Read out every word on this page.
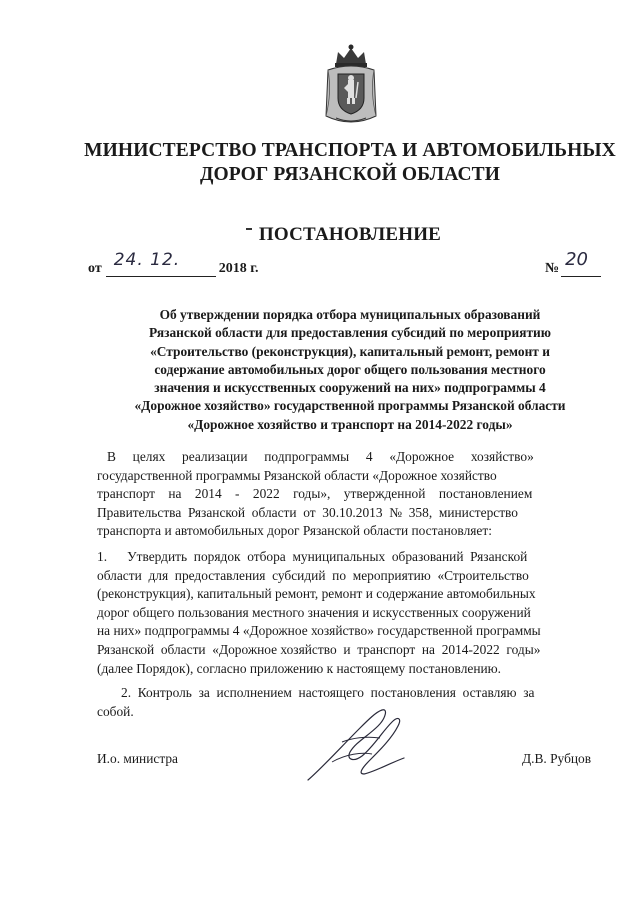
МИНИСТЕРСТВО ТРАНСПОРТА И АВТОМОБИЛЬНЫХ
ДОРОГ РЯЗАНСКОЙ ОБЛАСТИ
ПОСТАНОВЛЕНИЕ
от 24. 12.	2018 г.	№ 20
Об утверждении порядка отбора муниципальных образований
Рязанской области для предоставления субсидий по мероприятию
«Строительство (реконструкция), капитальный ремонт, ремонт и
содержание автомобильных дорог общего пользования местного
значения и искусственных сооружений на них» подпрограммы 4
«Дорожное хозяйство» государственной программы Рязанской области
«Дорожное хозяйство и транспорт на 2014-2022 годы»
В     целях     реализации     подпрограммы     4     «Дорожное     хозяйство»
государственной программы Рязанской области «Дорожное хозяйство
транспорт    на    2014    -    2022    годы»,    утвержденной    постановлением
Правительства  Рязанской  области  от  30.10.2013  №  358,  министерство
транспорта и автомобильных дорог Рязанской области постановляет:
1.      Утвердить  порядок  отбора  муниципальных  образований  Рязанской
области  для  предоставления  субсидий  по  мероприятию  «Строительство
(реконструкция), капитальный ремонт, ремонт и содержание автомобильных
дорог общего пользования местного значения и искусственных сооружений
на них» подпрограммы 4 «Дорожное хозяйство» государственной программы
Рязанской  области  «Дорожное хозяйство  и  транспорт  на  2014-2022  годы»
(далее Порядок), согласно приложению к настоящему постановлению.
2.  Контроль  за  исполнением  настоящего  постановления  оставляю  за
собой.
И.о. министра	Д.В. Рубцов
